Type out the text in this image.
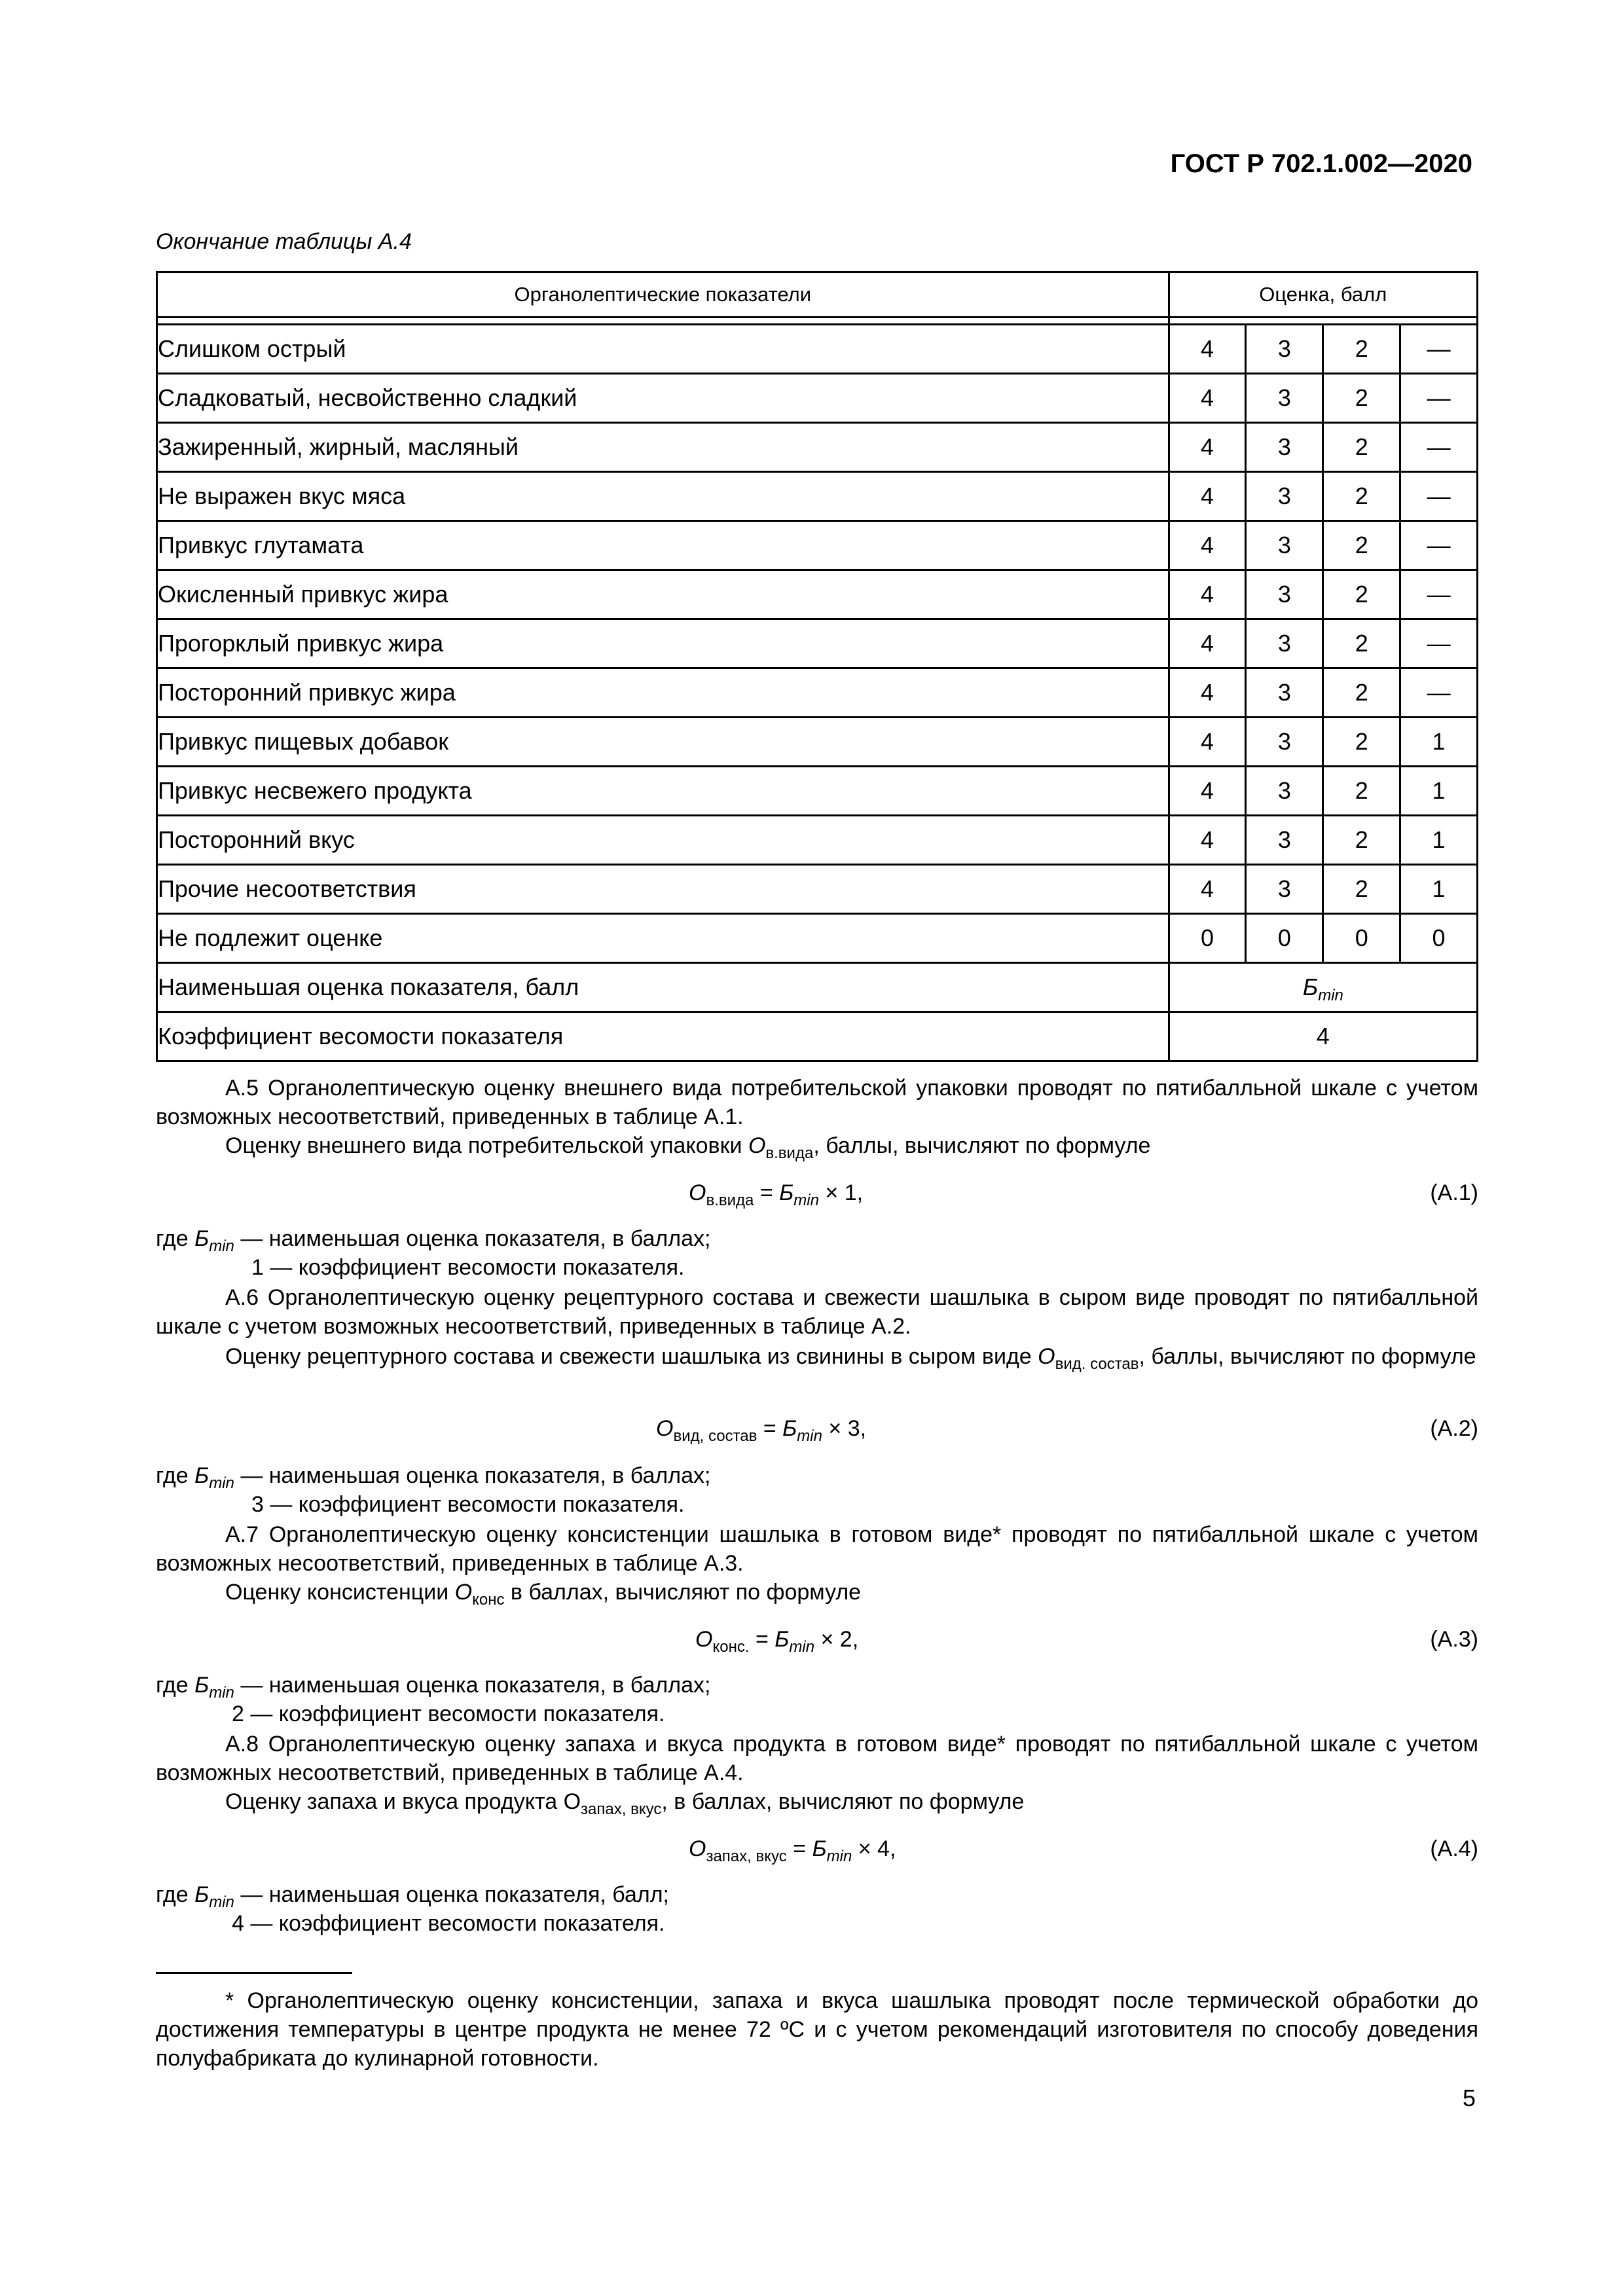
ГОСТ Р 702.1.002—2020
Окончание таблицы А.4
Органолептические показатели	Оценка, балл			

Слишком острый	4	3	2	—
Сладковатый, несвойственно сладкий	4	3	2	—
Зажиренный, жирный, масляный	4	3	2	—
Не выражен вкус мяса	4	3	2	—
Привкус глутамата	4	3	2	—
Окисленный привкус жира	4	3	2	—
Прогорклый привкус жира	4	3	2	—
Посторонний привкус жира	4	3	2	—
Привкус пищевых добавок	4	3	2	1
Привкус несвежего продукта	4	3	2	1
Посторонний вкус	4	3	2	1
Прочие несоответствия	4	3	2	1
Не подлежит оценке	0	0	0	0
Наименьшая оценка показателя, балл	$Б_{min}$
Коэффициент весомости показателя	4			
А.5 Органолептическую оценку внешнего вида потребительской упаковки проводят по пятибалльной шкале с учетом возможных несоответствий, приведенных в таблице А.1.
Оценку внешнего вида потребительской упаковки $О_{в.вида}$, баллы, вычисляют по формуле
$О_{в.вида} = Б_{min} \times 1$,	(А.1)
где $Б_{min}$ — наименьшая оценка показателя, в баллах;
1 — коэффициент весомости показателя.
А.6 Органолептическую оценку рецептурного состава и свежести шашлыка в сыром виде проводят по пятибалльной шкале с учетом возможных несоответствий, приведенных в таблице А.2.
Оценку рецептурного состава и свежести шашлыка из свинины в сыром виде $О_{вид. состав}$, баллы, вычисляют по формуле
$О_{вид, состав} = Б_{min} \times 3$,	(А.2)
где $Б_{min}$ — наименьшая оценка показателя, в баллах;
3 — коэффициент весомости показателя.
А.7 Органолептическую оценку консистенции шашлыка в готовом виде* проводят по пятибалльной шкале с учетом возможных несоответствий, приведенных в таблице А.3.
Оценку консистенции $О_{конс}$ в баллах, вычисляют по формуле
$О_{конс.} = Б_{min} \times 2$,	(А.3)
где $Б_{min}$ — наименьшая оценка показателя, в баллах;
2 — коэффициент весомости показателя.
А.8 Органолептическую оценку запаха и вкуса продукта в готовом виде* проводят по пятибалльной шкале с учетом возможных несоответствий, приведенных в таблице А.4.
Оценку запаха и вкуса продукта $О_{запах, вкус}$, в баллах, вычисляют по формуле
$О_{запах, вкус} = Б_{min} \times 4$,	(А.4)
где $Б_{min}$ — наименьшая оценка показателя, балл;
4 — коэффициент весомости показателя.
* Органолептическую оценку консистенции, запаха и вкуса шашлыка проводят после термической обработки до достижения температуры в центре продукта не менее 72 ºС и с учетом рекомендаций изготовителя по способу доведения полуфабриката до кулинарной готовности.
5
